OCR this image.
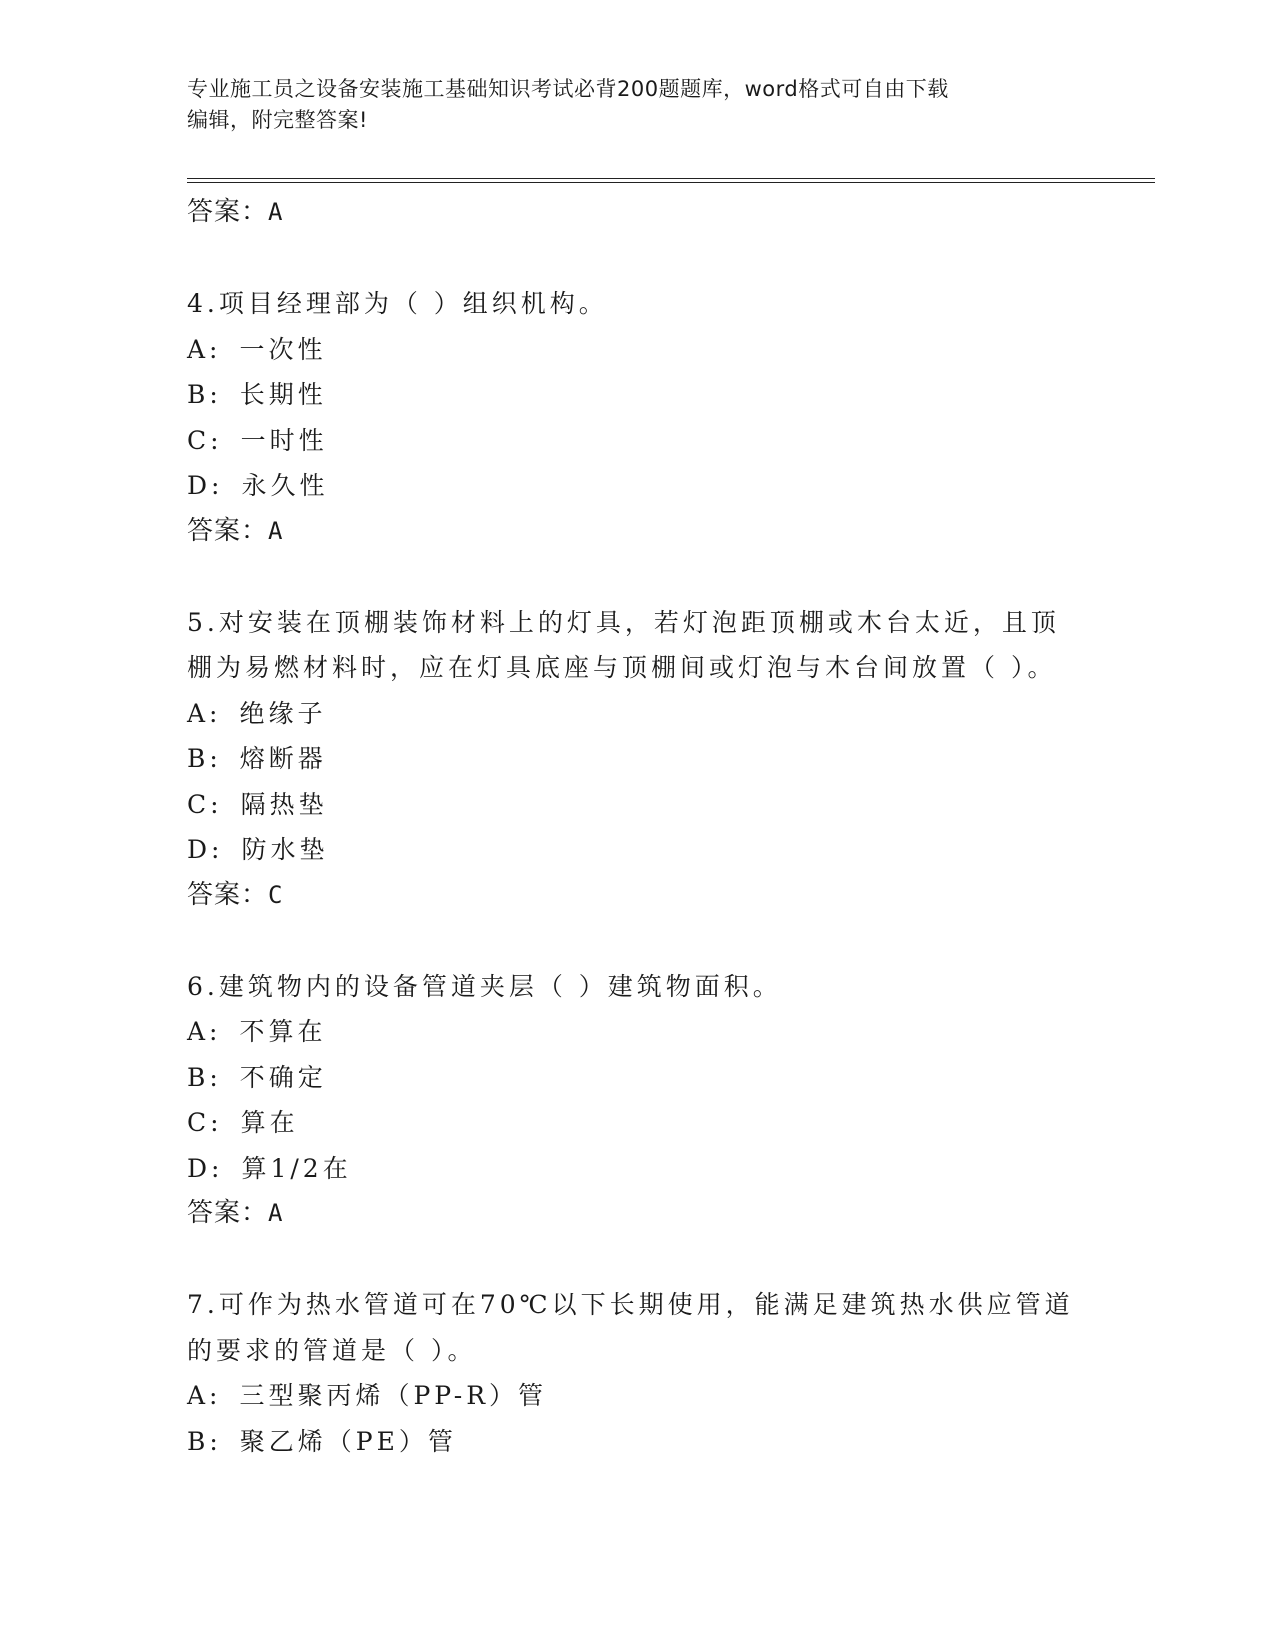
专业施工员之设备安装施工基础知识考试必背200题题库，word格式可自由下载
编辑，附完整答案!
答案：A
4.项目经理部为（ ）组织机构。
A: 一次性
B: 长期性
C: 一时性
D: 永久性
答案：A
5.对安装在顶棚装饰材料上的灯具，若灯泡距顶棚或木台太近，且顶
棚为易燃材料时，应在灯具底座与顶棚间或灯泡与木台间放置（ ）。
A: 绝缘子
B: 熔断器
C: 隔热垫
D: 防水垫
答案：C
6.建筑物内的设备管道夹层（ ）建筑物面积。
A: 不算在
B: 不确定
C: 算在
D: 算1/2在
答案：A
7.可作为热水管道可在70℃以下长期使用，能满足建筑热水供应管道
的要求的管道是（ ）。
A: 三型聚丙烯（PP-R）管
B: 聚乙烯（PE）管
